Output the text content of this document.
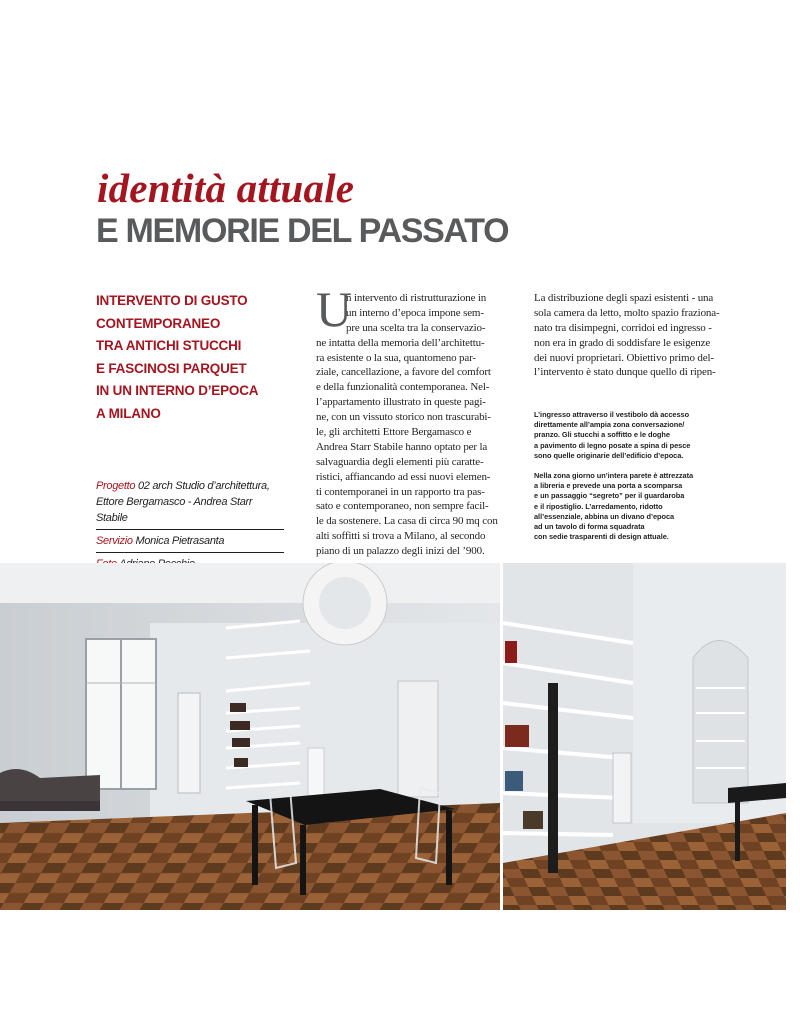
identità attuale
E MEMORIE DEL PASSATO
INTERVENTO DI GUSTO
CONTEMPORANEO
TRA ANTICHI STUCCHI
E FASCINOSI PARQUET
IN UN INTERNO D’EPOCA
A MILANO
Progetto 02 arch Studio d’architettura,
Ettore Bergamasco - Andrea Starr Stabile
Servizio Monica Pietrasanta
U
n intervento di ristrutturazione in
un interno d’epoca impone sem-
pre una scelta tra la conservazio-
ne intatta della memoria dell’architettu-
ra esistente o la sua, quantomeno par-
ziale, cancellazione, a favore del comfort
e della funzionalità contemporanea. Nel-
l’appartamento illustrato in queste pagi-
ne, con un vissuto storico non trascurabi-
le, gli architetti Ettore Bergamasco e
Andrea Starr Stabile hanno optato per la
salvaguardia degli elementi più caratte-
ristici, affiancando ad essi nuovi elemen-
ti contemporanei in un rapporto tra pas-
sato e contemporaneo, non sempre facil-
le da sostenere. La casa di circa 90 mq con
alti soffitti si trova a Milano, al secondo
piano di un palazzo degli inizi del ’900.
La distribuzione degli spazi esistenti - una
sola camera da letto, molto spazio fraziona-
nato tra disimpegni, corridoi ed ingresso -
non era in grado di soddisfare le esigenze
dei nuovi proprietari. Obiettivo primo del-
l’intervento è stato dunque quello di ripen-
L’ingresso attraverso il vestibolo dà accesso
direttamente all’ampia zona conversazione/
pranzo. Gli stucchi a soffitto e le doghe
a pavimento di legno posate a spina di pesce
sono quelle originarie dell’edificio d’epoca.
Nella zona giorno un’intera parete è attrezzata
a libreria e prevede una porta a scomparsa
e un passaggio “segreto” per il guardaroba
e il ripostiglio. L’arredamento, ridotto
all’essenziale, abbina un divano d’epoca
ad un tavolo di forma squadrata
con sedie trasparenti di design attuale.
